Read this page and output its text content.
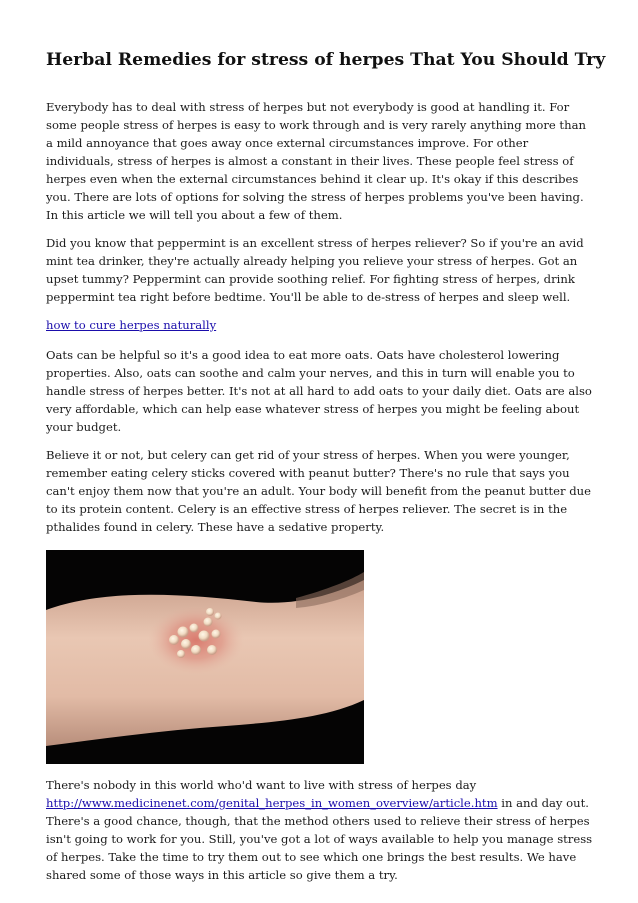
Herbal Remedies for stress of herpes That You Should Try

Everybody has to deal with stress of herpes but not everybody is good at handling it. For some people stress of herpes is easy to work through and is very rarely anything more than a mild annoyance that goes away once external circumstances improve. For other individuals, stress of herpes is almost a constant in their lives. These people feel stress of herpes even when the external circumstances behind it clear up. It's okay if this describes you. There are lots of options for solving the stress of herpes problems you've been having. In this article we will tell you about a few of them.

Did you know that peppermint is an excellent stress of herpes reliever? So if you're an avid mint tea drinker, they're actually already helping you relieve your stress of herpes. Got an upset tummy? Peppermint can provide soothing relief. For fighting stress of herpes, drink peppermint tea right before bedtime. You'll be able to de-stress of herpes and sleep well.

how to cure herpes naturally

Oats can be helpful so it's a good idea to eat more oats. Oats have cholesterol lowering properties. Also, oats can soothe and calm your nerves, and this in turn will enable you to handle stress of herpes better. It's not at all hard to add oats to your daily diet. Oats are also very affordable, which can help ease whatever stress of herpes you might be feeling about your budget.

Believe it or not, but celery can get rid of your stress of herpes. When you were younger, remember eating celery sticks covered with peanut butter? There's no rule that says you can't enjoy them now that you're an adult. Your body will benefit from the peanut butter due to its protein content. Celery is an effective stress of herpes reliever. The secret is in the pthalides found in celery. These have a sedative property.

There's nobody in this world who'd want to live with stress of herpes day http://www.medicinenet.com/genital_herpes_in_women_overview/article.htm in and day out. There's a good chance, though, that the method others used to relieve their stress of herpes isn't going to work for you. Still, you've got a lot of ways available to help you manage stress of herpes. Take the time to try them out to see which one brings the best results. We have shared some of those ways in this article so give them a try.
